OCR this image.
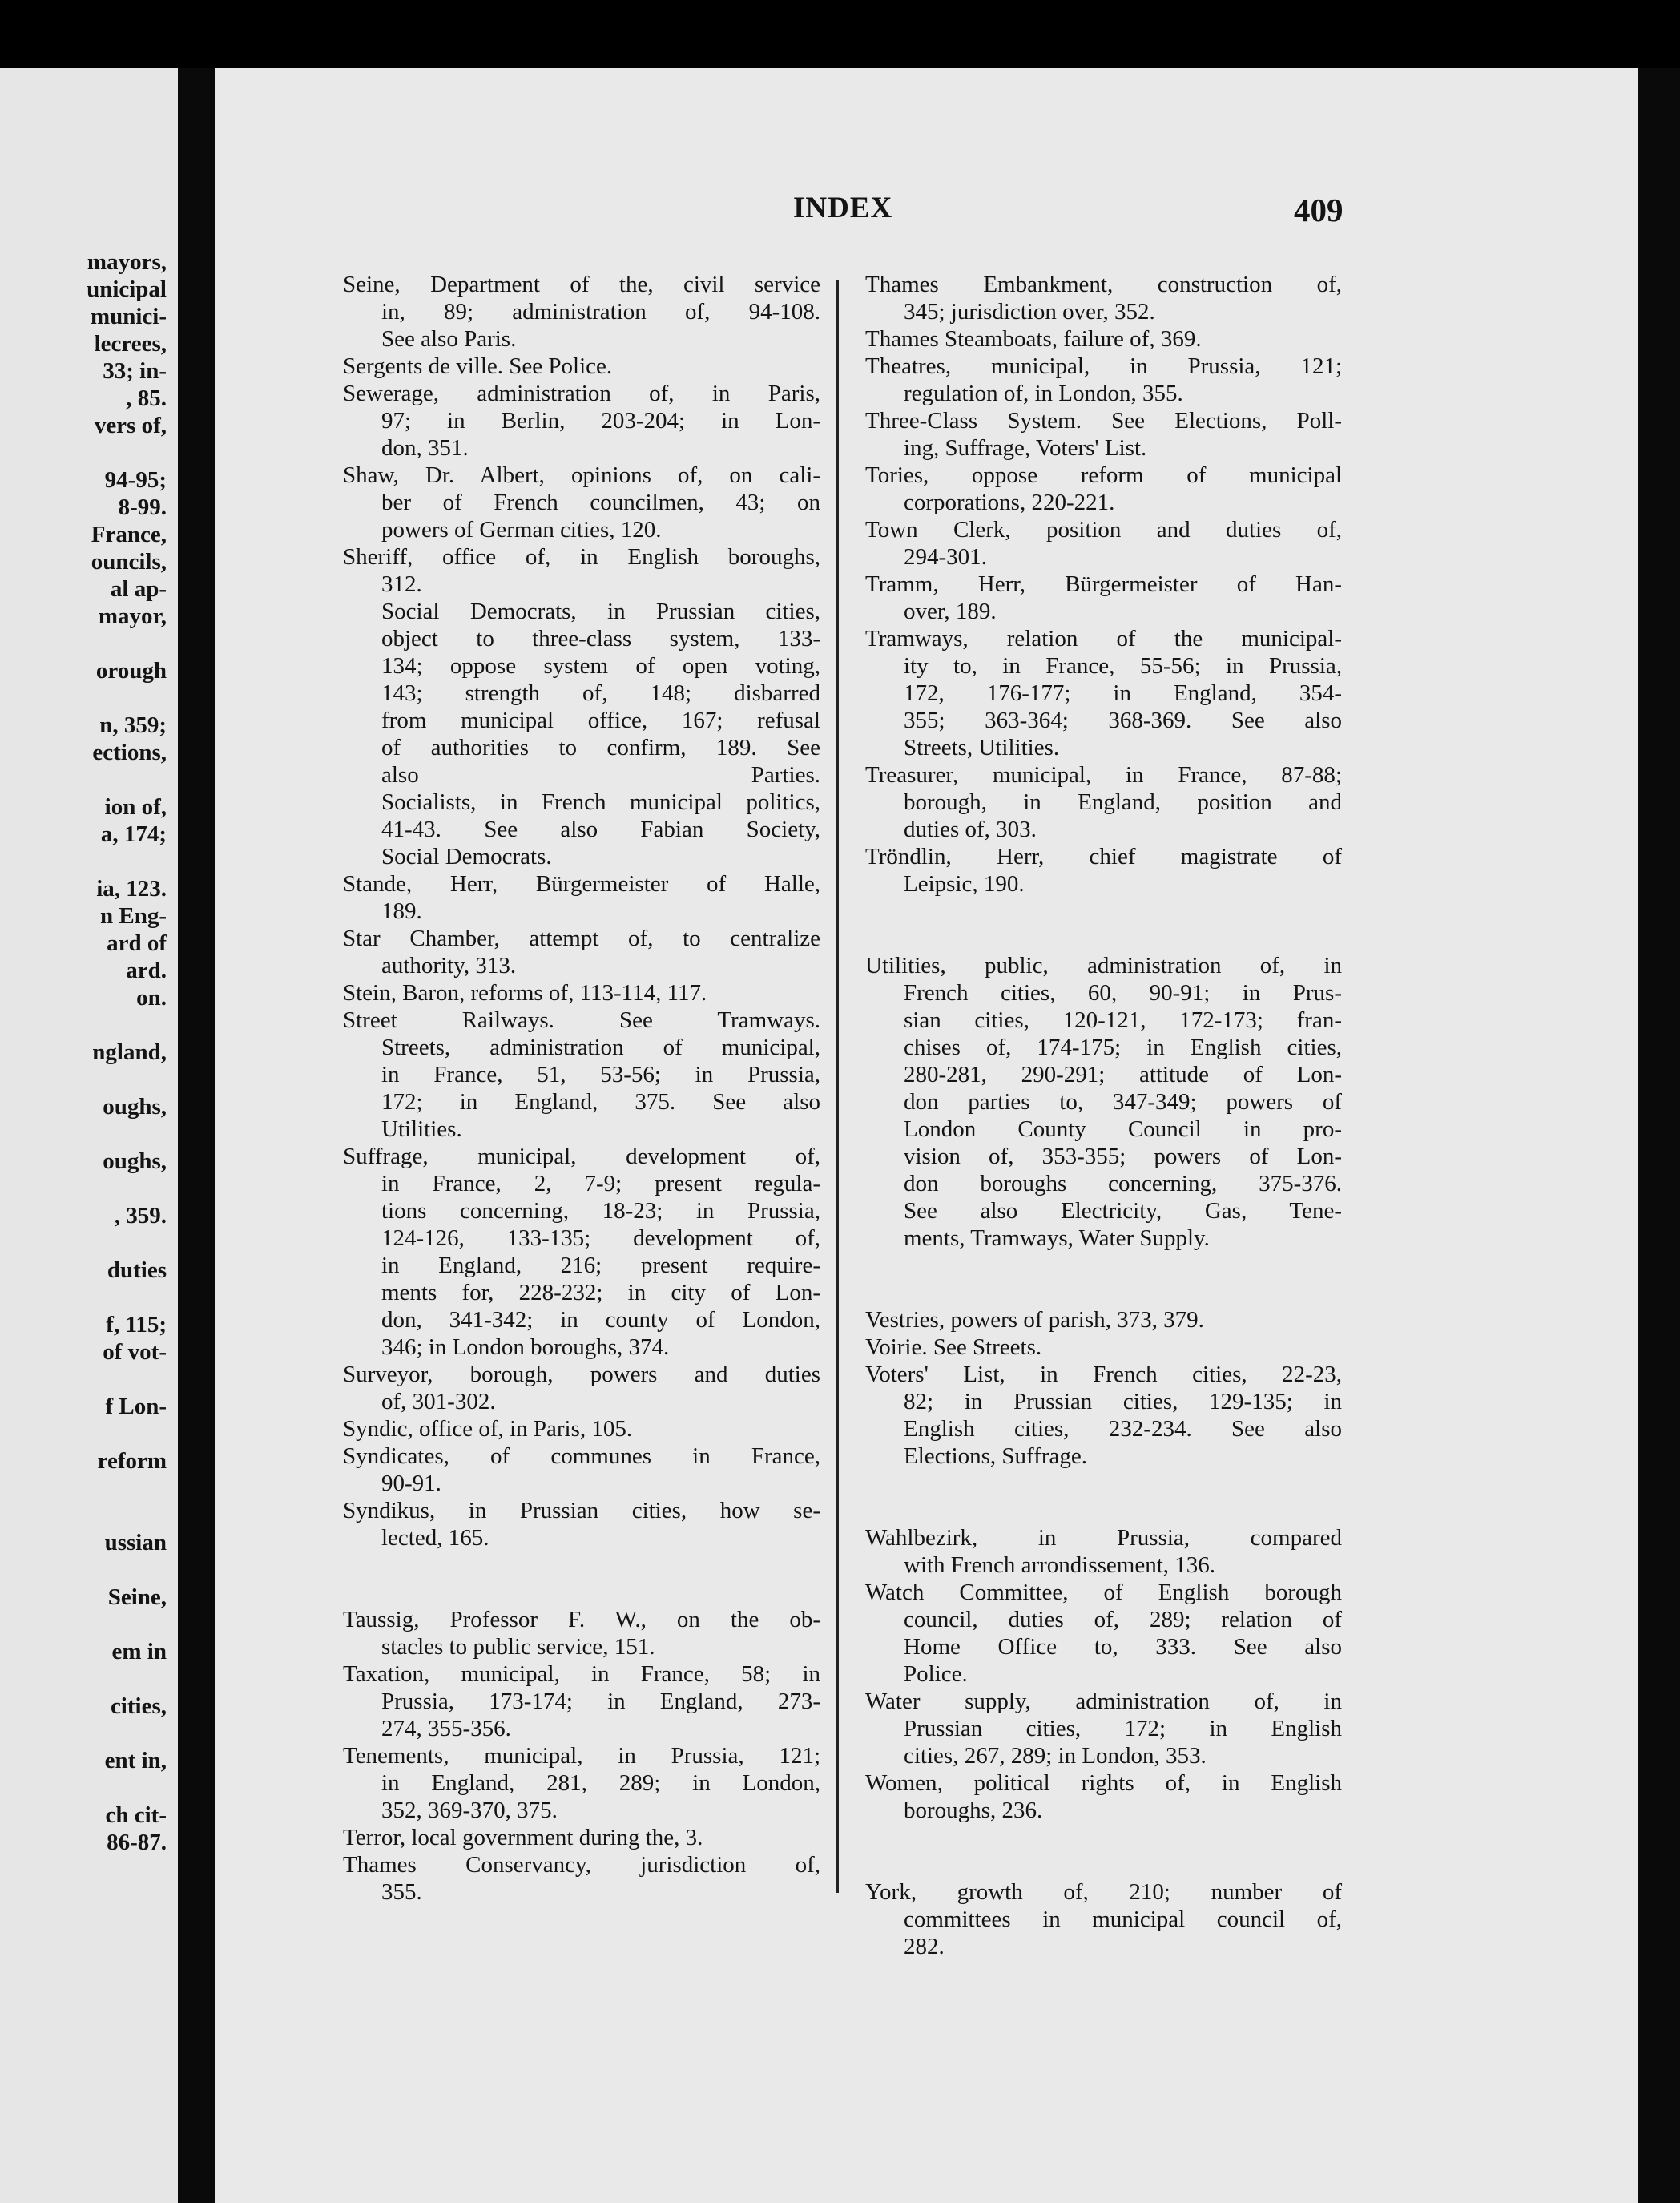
mayors,
unicipal
munici-
lecrees,
33; in-
, 85.
vers of,
94-95;
8-99.
France,
ouncils,
al ap-
mayor,
orough
n, 359;
ections,
ion of,
a, 174;
ia, 123.
n Eng-
ard of
ard.
on.
ngland,
oughs,
oughs,
, 359.
duties
f, 115;
of vot-
f Lon-
reform
ussian
Seine,
em in
cities,
ent in,
ch cit-
86-87.
INDEX	409
Seine, Department of the, civil service
in, 89; administration of, 94-108.
See also Paris.
Sergents de ville. See Police.
Sewerage, administration of, in Paris,
97; in Berlin, 203-204; in Lon-
don, 351.
Shaw, Dr. Albert, opinions of, on cali-
ber of French councilmen, 43; on
powers of German cities, 120.
Sheriff, office of, in English boroughs,
312.
Social Democrats, in Prussian cities,
object to three-class system, 133-
134; oppose system of open voting,
143; strength of, 148; disbarred
from municipal office, 167; refusal
of authorities to confirm, 189. See
also Parties.
Socialists, in French municipal politics,
41-43. See also Fabian Society,
Social Democrats.
Stande, Herr, Bürgermeister of Halle,
189.
Star Chamber, attempt of, to centralize
authority, 313.
Stein, Baron, reforms of, 113-114, 117.
Street Railways. See Tramways.
Streets, administration of municipal,
in France, 51, 53-56; in Prussia,
172; in England, 375. See also
Utilities.
Suffrage, municipal, development of,
in France, 2, 7-9; present regula-
tions concerning, 18-23; in Prussia,
124-126, 133-135; development of,
in England, 216; present require-
ments for, 228-232; in city of Lon-
don, 341-342; in county of London,
346; in London boroughs, 374.
Surveyor, borough, powers and duties
of, 301-302.
Syndic, office of, in Paris, 105.
Syndicates, of communes in France,
90-91.
Syndikus, in Prussian cities, how se-
lected, 165.
Taussig, Professor F. W., on the ob-
stacles to public service, 151.
Taxation, municipal, in France, 58; in
Prussia, 173-174; in England, 273-
274, 355-356.
Tenements, municipal, in Prussia, 121;
in England, 281, 289; in London,
352, 369-370, 375.
Terror, local government during the, 3.
Thames Conservancy, jurisdiction of,
355.
Thames Embankment, construction of,
345; jurisdiction over, 352.
Thames Steamboats, failure of, 369.
Theatres, municipal, in Prussia, 121;
regulation of, in London, 355.
Three-Class System. See Elections, Poll-
ing, Suffrage, Voters' List.
Tories, oppose reform of municipal
corporations, 220-221.
Town Clerk, position and duties of,
294-301.
Tramm, Herr, Bürgermeister of Han-
over, 189.
Tramways, relation of the municipal-
ity to, in France, 55-56; in Prussia,
172, 176-177; in England, 354-
355; 363-364; 368-369. See also
Streets, Utilities.
Treasurer, municipal, in France, 87-88;
borough, in England, position and
duties of, 303.
Tröndlin, Herr, chief magistrate of
Leipsic, 190.
Utilities, public, administration of, in
French cities, 60, 90-91; in Prus-
sian cities, 120-121, 172-173; fran-
chises of, 174-175; in English cities,
280-281, 290-291; attitude of Lon-
don parties to, 347-349; powers of
London County Council in pro-
vision of, 353-355; powers of Lon-
don boroughs concerning, 375-376.
See also Electricity, Gas, Tene-
ments, Tramways, Water Supply.
Vestries, powers of parish, 373, 379.
Voirie. See Streets.
Voters' List, in French cities, 22-23,
82; in Prussian cities, 129-135; in
English cities, 232-234. See also
Elections, Suffrage.
Wahlbezirk, in Prussia, compared
with French arrondissement, 136.
Watch Committee, of English borough
council, duties of, 289; relation of
Home Office to, 333. See also
Police.
Water supply, administration of, in
Prussian cities, 172; in English
cities, 267, 289; in London, 353.
Women, political rights of, in English
boroughs, 236.
York, growth of, 210; number of
committees in municipal council of,
282.
